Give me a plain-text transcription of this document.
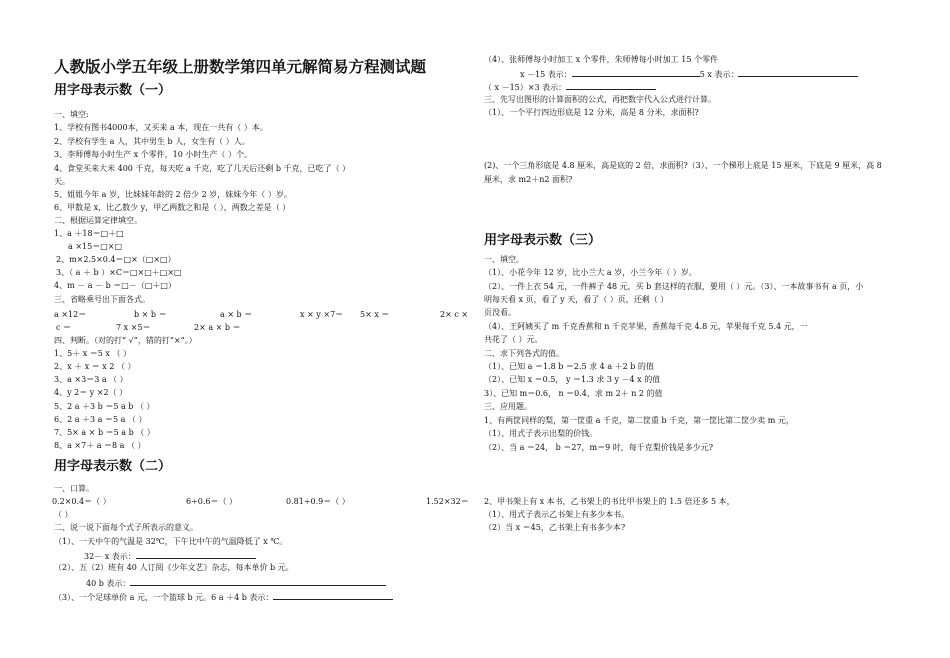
人教版小学五年级上册数学第四单元解简易方程测试题
用字母表示数（一）
一、填空:
1、学校有图书4000本，又买来 a 本，现在一共有（ ）本。
2、学校有学生 a 人，其中男生 b 人，女生有（ ）人。
3、李师傅每小时生产 x 个零件，10 小时生产（ ）个。
4、食堂买来大米 400 千克，每天吃 a 千克，吃了几天后还剩 b 千克，已吃了（ ）
天。
5、姐姐今年 a 岁，比妹妹年龄的 2 倍少 2 岁，妹妹今年（ ）岁。
6、甲数是 x，比乙数少 y，甲乙两数之和是（ ），两数之差是（ ）
二、根据运算定律填空。
1、a ＋18＝□＋□
a ×15＝□×□
2、m×2.5×0.4＝□×（□×□）
3、（ a ＋ b ）×C＝□×□＋□×□
4、m － a － b ＝□－（□＋□）
三、省略乘号出下面各式。
a ×12＝	b × b ＝	a × b ＝	x × y ×7＝ 5× x ＝	2× c ×
c ＝	7 x ×5＝	2× a × b ＝
四、判断。（对的打“ √”，错的打“×”。）
1、5＋ x ＝5 x （ ）
2、x ＋ x ＝ x 2 （ ）
3、a ×3＝3 a （ ）
4、y 2＝ y ×2（ ）
5、2 a ＋3 b ＝5 a b （ ）
6、2 a ＋3 a ＝5 a （ ）
7、5× a × b ＝5 a b （ ）
8、a ×7＋ a ＝8 a （ ）
用字母表示数（二）
一、口算。
0.2×0.4＝（ ）	6÷0.6＝（ ）	0.81÷0.9＝（ ）	1.52×32＝
（ ）
二、说一说下面每个式子所表示的意义。
（1）、一天中午的气温是 32℃，下午比中午的气温降低了 x ℃。
32－ x 表示：
（2）、五（2）班有 40 人订阅《少年文艺》杂志，每本单价 b 元。
40 b 表示：
（3）、一个足球单价 a 元，一个篮球 b 元。6 a ＋4 b 表示：
（4）、张师傅每小时加工 x 个零件，朱师傅每小时加工 15 个零件
x －15 表示：	5 x 表示：
（ x －15）×3 表示：
三、先写出图形的计算面积的公式，再把数字代入公式进行计算。
（1）、一个平行四边形底是 12 分米，高是 8 分米，求面积?
(2)、一个三角形底是 4.8 厘米，高是底的 2 倍，求面积?（3）、一个梯形上底是 15 厘米，下底是 9 厘米，高 8
厘米，求 m2＋n2 面积?
用字母表示数（三）
一、填空。
（1）、小花今年 12 岁，比小兰大 a 岁，小兰今年（ ）岁。
（2）、一件上衣 54 元，一件裤子 48 元，买 b 套这样的衣服，要用（ ）元。（3）、一本故事书有 a 页，小
明每天看 x 页，看了 y 天，看了（ ）页，还剩（ ）
页没看。
（4）、王阿姨买了 m 千克香蕉和 n 千克苹果，香蕉每千克 4.8 元，苹果每千克 5.4 元，一
共花了（ ）元。
二、求下列各式的值。
（1）、已知 a ＝1.8 b ＝2.5 求 4 a ＋2 b 的值
（2）、已知 x ＝0.5， y ＝1.3 求 3 y －4 x 的值
3）、已知 m＝0.6， n ＝0.4，求 m 2＋ n 2 的值
三、应用题。
1、有两筐同样的梨，第一筐重 a 千克，第二筐重 b 千克，第一筐比第二筐少卖 m 元，
（1）、用式子表示出梨的价钱。
（2）、当 a ＝24， b ＝27，m＝9 时，每千克梨价钱是多少元?
2、甲书架上有 x 本书，乙书架上的书比甲书架上的 1.5 倍还多 5 本，
（1）、用式子表示乙书架上有多少本书。
（2）当 x ＝45，乙书架上有书多少本?
